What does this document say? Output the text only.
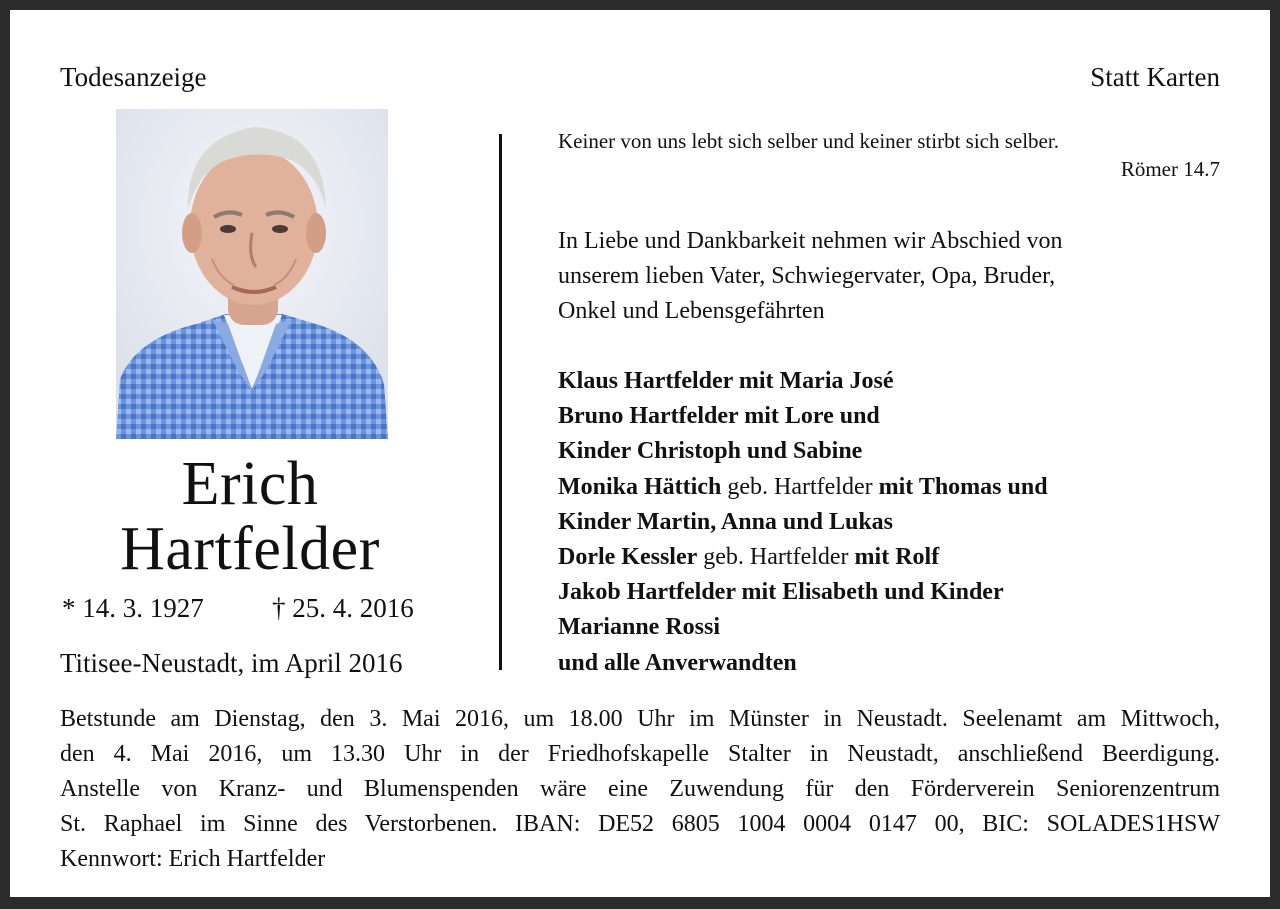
Todesanzeige	Statt Karten
Erich
Hartfelder
* 14. 3. 1927	† 25. 4. 2016
Titisee-Neustadt, im April 2016
Keiner von uns lebt sich selber und keiner stirbt sich selber.
Römer 14.7
In Liebe und Dankbarkeit nehmen wir Abschied von
unserem lieben Vater, Schwiegervater, Opa, Bruder,
Onkel und Lebensgefährten
Klaus Hartfelder mit Maria José
Bruno Hartfelder mit Lore und
Kinder Christoph und Sabine
Monika Hättich geb. Hartfelder mit Thomas und
Kinder Martin, Anna und Lukas
Dorle Kessler geb. Hartfelder mit Rolf
Jakob Hartfelder mit Elisabeth und Kinder
Marianne Rossi
und alle Anverwandten
Betstunde am Dienstag, den 3. Mai 2016, um 18.00 Uhr im Münster in Neustadt. Seelenamt am Mittwoch,
den 4. Mai 2016, um 13.30 Uhr in der Friedhofskapelle Stalter in Neustadt, anschließend Beerdigung.
Anstelle von Kranz- und Blumenspenden wäre eine Zuwendung für den Förderverein Seniorenzentrum
St. Raphael im Sinne des Verstorbenen. IBAN: DE52 6805 1004 0004 0147 00, BIC: SOLADES1HSW
Kennwort: Erich Hartfelder
